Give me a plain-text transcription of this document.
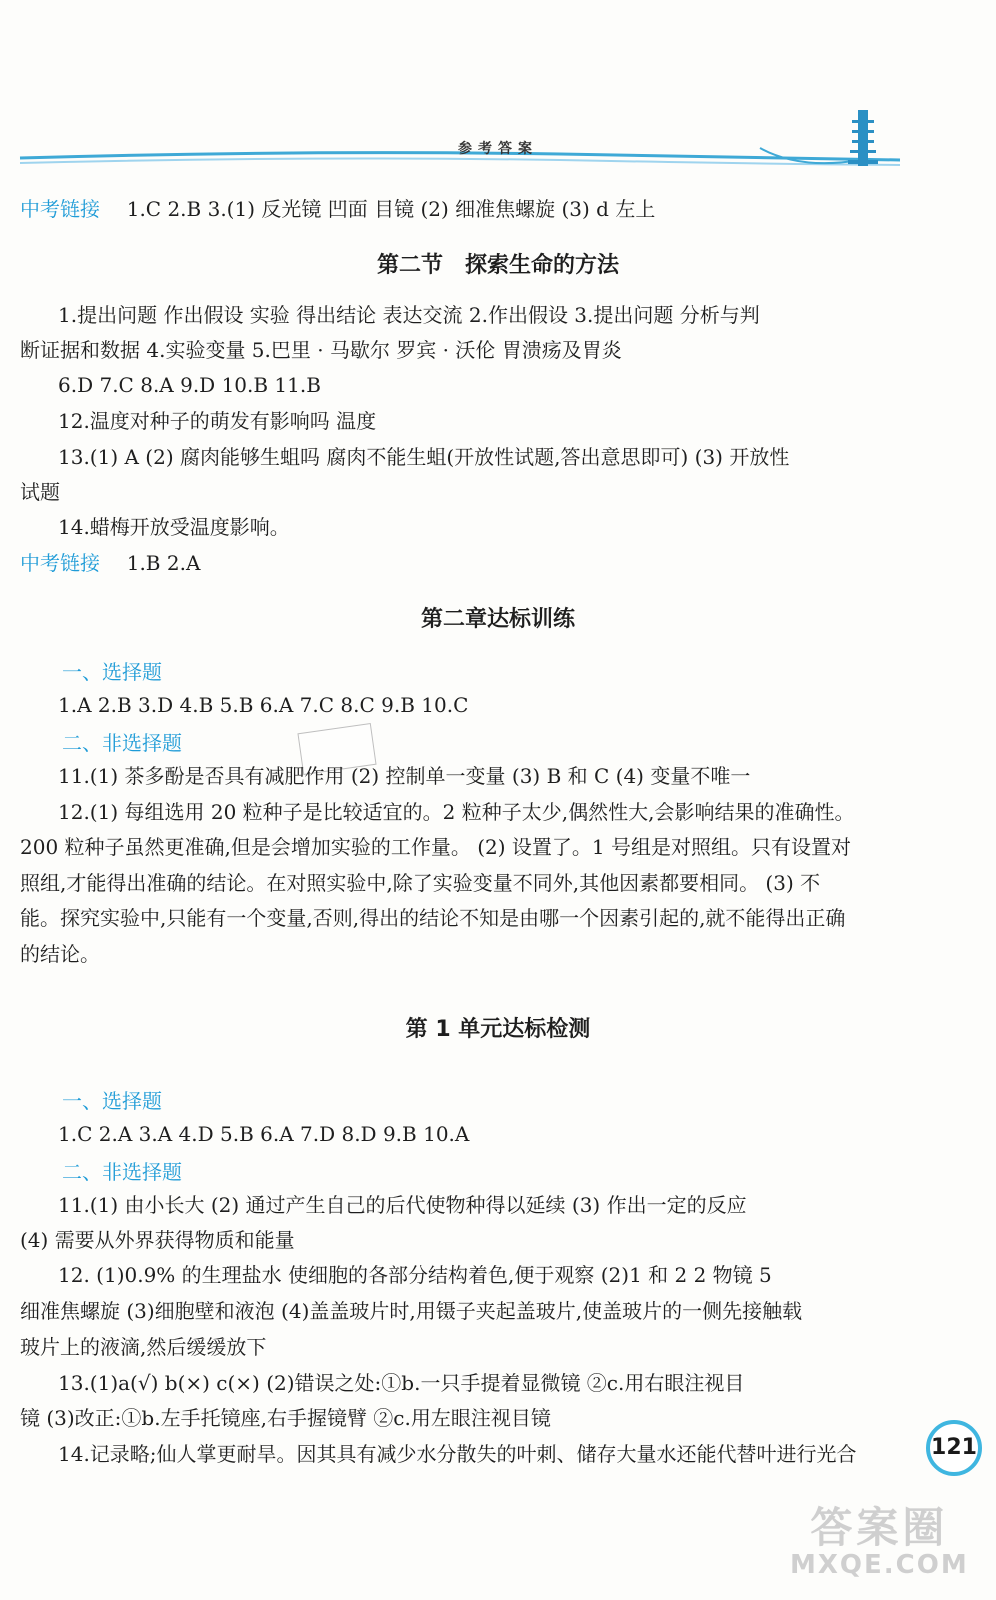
参考答案
中考链接 1.C 2.B 3.(1) 反光镜 凹面 目镜 (2) 细准焦螺旋 (3) d 左上
第二节　探索生命的方法
1.提出问题 作出假设 实验 得出结论 表达交流 2.作出假设 3.提出问题 分析与判
断证据和数据 4.实验变量 5.巴里 · 马歇尔 罗宾 · 沃伦 胃溃疡及胃炎
6.D 7.C 8.A 9.D 10.B 11.B
12.温度对种子的萌发有影响吗 温度
13.(1) A (2) 腐肉能够生蛆吗 腐肉不能生蛆(开放性试题,答出意思即可) (3) 开放性
试题
14.蜡梅开放受温度影响。
中考链接 1.B 2.A
第二章达标训练
一、选择题
1.A 2.B 3.D 4.B 5.B 6.A 7.C 8.C 9.B 10.C
二、非选择题
11.(1) 茶多酚是否具有减肥作用 (2) 控制单一变量 (3) B 和 C (4) 变量不唯一
12.(1) 每组选用 20 粒种子是比较适宜的。2 粒种子太少,偶然性大,会影响结果的准确性。
200 粒种子虽然更准确,但是会增加实验的工作量。 (2) 设置了。1 号组是对照组。只有设置对
照组,才能得出准确的结论。在对照实验中,除了实验变量不同外,其他因素都要相同。 (3) 不
能。探究实验中,只能有一个变量,否则,得出的结论不知是由哪一个因素引起的,就不能得出正确
的结论。
第 1 单元达标检测
一、选择题
1.C 2.A 3.A 4.D 5.B 6.A 7.D 8.D 9.B 10.A
二、非选择题
11.(1) 由小长大 (2) 通过产生自己的后代使物种得以延续 (3) 作出一定的反应
(4) 需要从外界获得物质和能量
12. (1)0.9% 的生理盐水 使细胞的各部分结构着色,便于观察 (2)1 和 2 2 物镜 5
细准焦螺旋 (3)细胞壁和液泡 (4)盖盖玻片时,用镊子夹起盖玻片,使盖玻片的一侧先接触载
玻片上的液滴,然后缓缓放下
13.(1)a(√) b(×) c(×) (2)错误之处:①b.一只手提着显微镜 ②c.用右眼注视目
镜 (3)改正:①b.左手托镜座,右手握镜臂 ②c.用左眼注视目镜
14.记录略;仙人掌更耐旱。因其具有减少水分散失的叶刺、储存大量水还能代替叶进行光合	121
答案圈
MXQE.COM
